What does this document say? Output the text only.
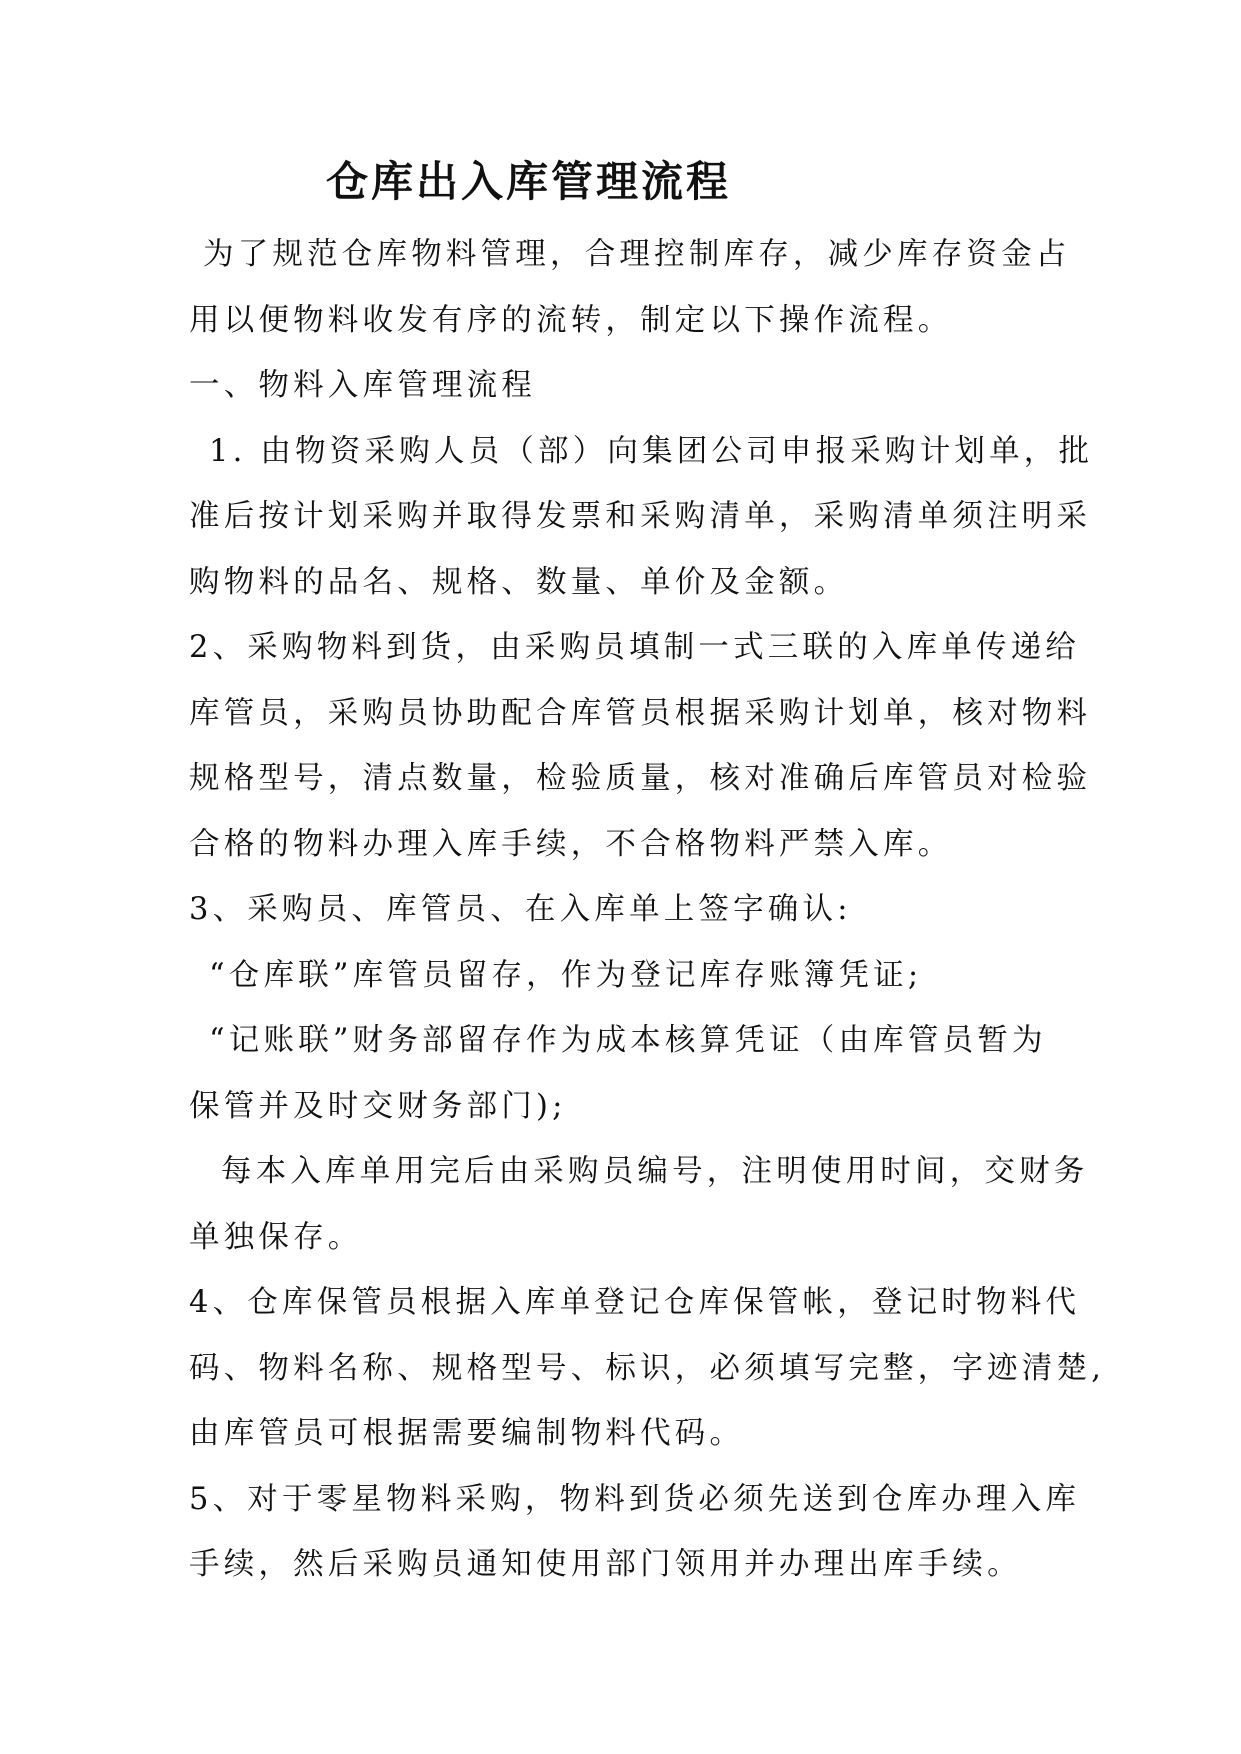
仓库出入库管理流程
为了规范仓库物料管理，合理控制库存，减少库存资金占
用以便物料收发有序的流转，制定以下操作流程。
一、物料入库管理流程
1. 由物资采购人员（部）向集团公司申报采购计划单，批
准后按计划采购并取得发票和采购清单，采购清单须注明采
购物料的品名、规格、数量、单价及金额。
2、采购物料到货，由采购员填制一式三联的入库单传递给
库管员，采购员协助配合库管员根据采购计划单，核对物料
规格型号，清点数量，检验质量，核对准确后库管员对检验
合格的物料办理入库手续，不合格物料严禁入库。
3、采购员、库管员、在入库单上签字确认:
“仓库联”库管员留存，作为登记库存账簿凭证;
“记账联”财务部留存作为成本核算凭证（由库管员暂为
保管并及时交财务部门);
每本入库单用完后由采购员编号，注明使用时间，交财务
单独保存。
4、仓库保管员根据入库单登记仓库保管帐，登记时物料代
码、物料名称、规格型号、标识，必须填写完整，字迹清楚,
由库管员可根据需要编制物料代码。
5、对于零星物料采购，物料到货必须先送到仓库办理入库
手续，然后采购员通知使用部门领用并办理出库手续。
